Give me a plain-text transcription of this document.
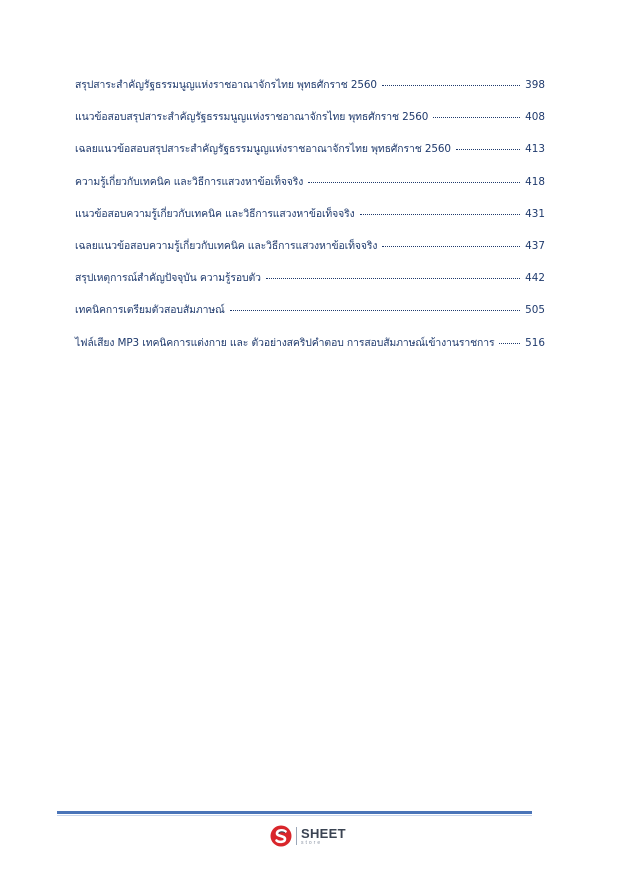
สรุปสาระสำคัญรัฐธรรมนูญแห่งราชอาณาจักรไทย พุทธศักราช 2560	398
แนวข้อสอบสรุปสาระสำคัญรัฐธรรมนูญแห่งราชอาณาจักรไทย พุทธศักราช 2560	408
เฉลยแนวข้อสอบสรุปสาระสำคัญรัฐธรรมนูญแห่งราชอาณาจักรไทย พุทธศักราช 2560	413
ความรู้เกี่ยวกับเทคนิค และวิธีการแสวงหาข้อเท็จจริง	418
แนวข้อสอบความรู้เกี่ยวกับเทคนิค และวิธีการแสวงหาข้อเท็จจริง	431
เฉลยแนวข้อสอบความรู้เกี่ยวกับเทคนิค และวิธีการแสวงหาข้อเท็จจริง	437
สรุปเหตุการณ์สำคัญปัจจุบัน ความรู้รอบตัว	442
เทคนิคการเตรียมตัวสอบสัมภาษณ์	505
ไฟล์เสียง MP3 เทคนิคการแต่งกาย และ ตัวอย่างสคริปคำตอบ การสอบสัมภาษณ์เข้างานราชการ	516
SHEET
store
